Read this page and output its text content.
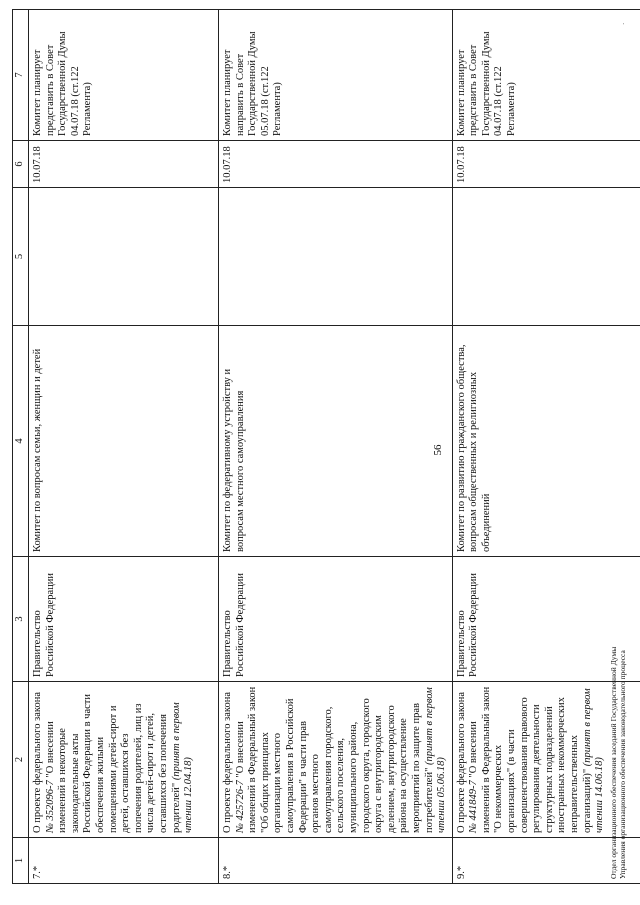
56
1	2	3	4	5	6	7
7.*	О проекте федерального закона № 352096-7 "О внесении изменений в некоторые законодательные акты Российской Федерации в части обеспечения жилыми помещениями детей-сирот и детей, оставшихся без попечения родителей, лиц из числа детей-сирот и детей, оставшихся без попечения родителей" (принят в первом чтении 12.04.18)	Правительство Российской Федерации	Комитет по вопросам семьи, женщин и детей		10.07.18	Комитет планирует представить в Совет Государственной Думы 04.07.18 (ст.122 Регламента)
8.*	О проекте федерального закона № 425726-7 "О внесении изменений в Федеральный закон "Об общих принципах организации местного самоуправления в Российской Федерации" в части прав органов местного самоуправления городского, сельского поселения, муниципального района, городского округа, городского округа с внутригородским делением, внутригородского района на осуществление мероприятий по защите прав потребителей" (принят в первом чтении 05.06.18)	Правительство Российской Федерации	Комитет по федеративному устройству и вопросам местного самоуправления		10.07.18	Комитет планирует направить в Совет Государственной Думы 05.07.18 (ст.122 Регламента)
9.*	О проекте федерального закона № 441849-7 "О внесении изменений в Федеральный закон "О некоммерческих организациях" (в части совершенствования правового регулирования деятельности структурных подразделений иностранных некоммерческих неправительственных организаций)" (принят в первом чтении 14.06.18)	Правительство Российской Федерации	Комитет по развитию гражданского общества, вопросам общественных и религиозных объединений		10.07.18	Комитет планирует представить в Совет Государственной Думы 04.07.18 (ст.122 Регламента)
Отдел организационного обеспечения заседаний Государственной Думы Управления организационного обеспечения законодательного процесса
·
